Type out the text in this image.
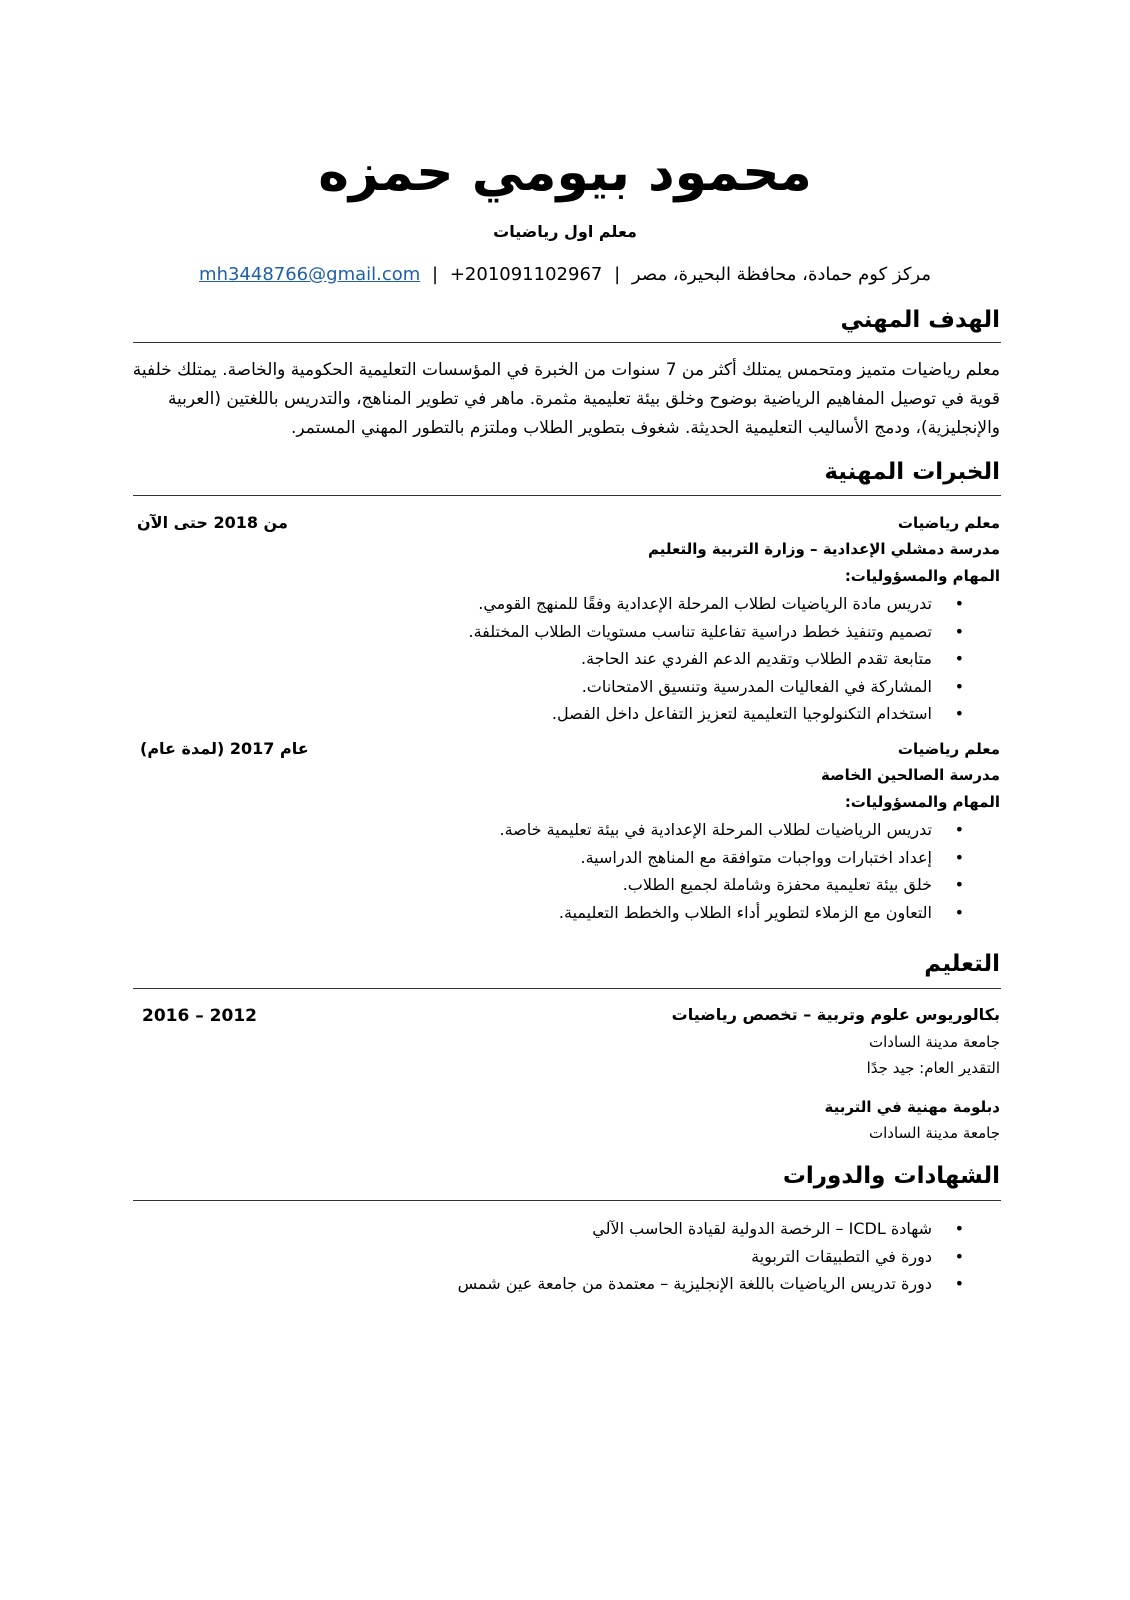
محمود بيومي حمزه
معلم اول رياضيات
مركز كوم حمادة، محافظة البحيرة، مصر | +201091102967 | mh3448766@gmail.com
الهدف المهني
معلم رياضيات متميز ومتحمس يمتلك أكثر من 7 سنوات من الخبرة في المؤسسات التعليمية الحكومية والخاصة. يمتلك خلفية قوية في توصيل المفاهيم الرياضية بوضوح وخلق بيئة تعليمية مثمرة. ماهر في تطوير المناهج، والتدريس باللغتين (العربية والإنجليزية)، ودمج الأساليب التعليمية الحديثة. شغوف بتطوير الطلاب وملتزم بالتطور المهني المستمر.
الخبرات المهنية
معلم رياضيات
من 2018 حتى الآن
مدرسة دمشلي الإعدادية – وزارة التربية والتعليم
المهام والمسؤوليات:
• تدريس مادة الرياضيات لطلاب المرحلة الإعدادية وفقًا للمنهج القومي.
• تصميم وتنفيذ خطط دراسية تفاعلية تناسب مستويات الطلاب المختلفة.
• متابعة تقدم الطلاب وتقديم الدعم الفردي عند الحاجة.
• المشاركة في الفعاليات المدرسية وتنسيق الامتحانات.
• استخدام التكنولوجيا التعليمية لتعزيز التفاعل داخل الفصل.
معلم رياضيات
عام 2017 (لمدة عام)
مدرسة الصالحين الخاصة
المهام والمسؤوليات:
• تدريس الرياضيات لطلاب المرحلة الإعدادية في بيئة تعليمية خاصة.
• إعداد اختبارات وواجبات متوافقة مع المناهج الدراسية.
• خلق بيئة تعليمية محفزة وشاملة لجميع الطلاب.
• التعاون مع الزملاء لتطوير أداء الطلاب والخطط التعليمية.
التعليم
بكالوريوس علوم وتربية – تخصص رياضيات
2012 – 2016
جامعة مدينة السادات
التقدير العام: جيد جدًا
دبلومة مهنية في التربية
جامعة مدينة السادات
الشهادات والدورات
• شهادة ICDL – الرخصة الدولية لقيادة الحاسب الآلي
• دورة في التطبيقات التربوية
• دورة تدريس الرياضيات باللغة الإنجليزية – معتمدة من جامعة عين شمس
